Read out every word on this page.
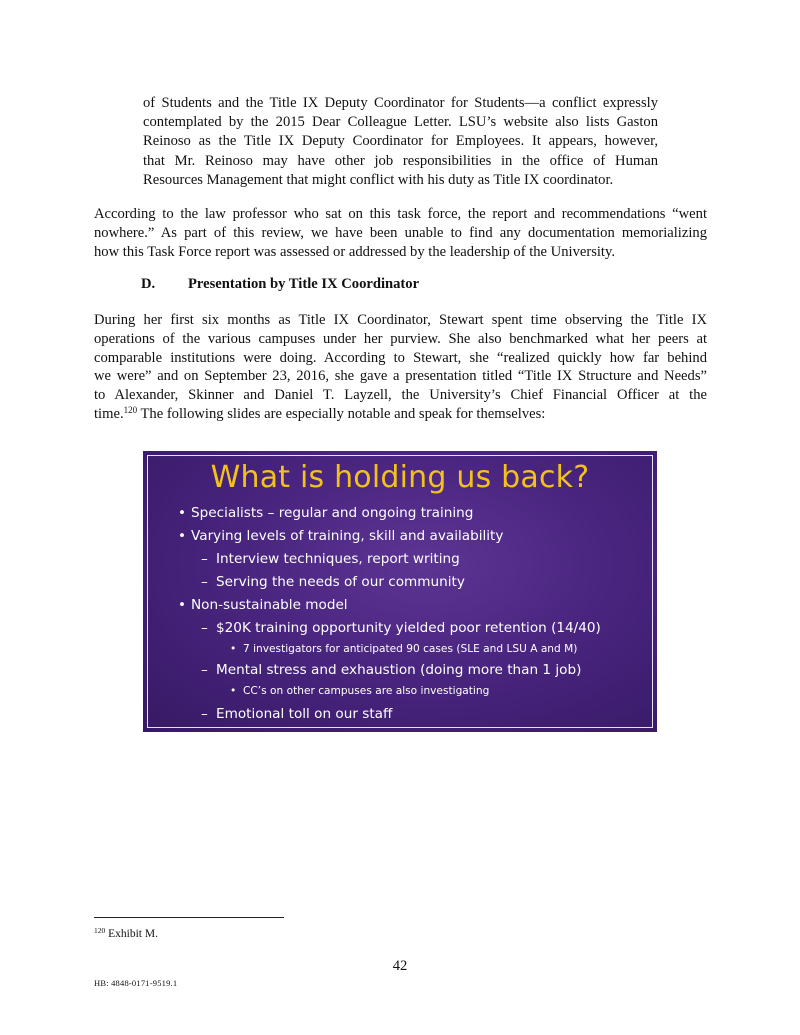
of Students and the Title IX Deputy Coordinator for Students—a conflict expressly
contemplated by the 2015 Dear Colleague Letter. LSU’s website also lists Gaston
Reinoso as the Title IX Deputy Coordinator for Employees. It appears, however,
that Mr. Reinoso may have other job responsibilities in the office of Human
Resources Management that might conflict with his duty as Title IX coordinator.
According to the law professor who sat on this task force, the report and recommendations “went
nowhere.” As part of this review, we have been unable to find any documentation memorializing
how this Task Force report was assessed or addressed by the leadership of the University.
D. Presentation by Title IX Coordinator
During her first six months as Title IX Coordinator, Stewart spent time observing the Title IX
operations of the various campuses under her purview. She also benchmarked what her peers at
comparable institutions were doing. According to Stewart, she “realized quickly how far behind
we were” and on September 23, 2016, she gave a presentation titled “Title IX Structure and Needs”
to Alexander, Skinner and Daniel T. Layzell, the University’s Chief Financial Officer at the
time.$^{120}$ The following slides are especially notable and speak for themselves:
What is holding us back?
• Specialists – regular and ongoing training
• Varying levels of training, skill and availability
– Interview techniques, report writing
– Serving the needs of our community
• Non-sustainable model
– $20K training opportunity yielded poor retention (14/40)
• 7 investigators for anticipated 90 cases (SLE and LSU A and M)
– Mental stress and exhaustion (doing more than 1 job)
• CC’s on other campuses are also investigating
– Emotional toll on our staff
$^{120}$ Exhibit M.
42
HB: 4848-0171-9519.1
